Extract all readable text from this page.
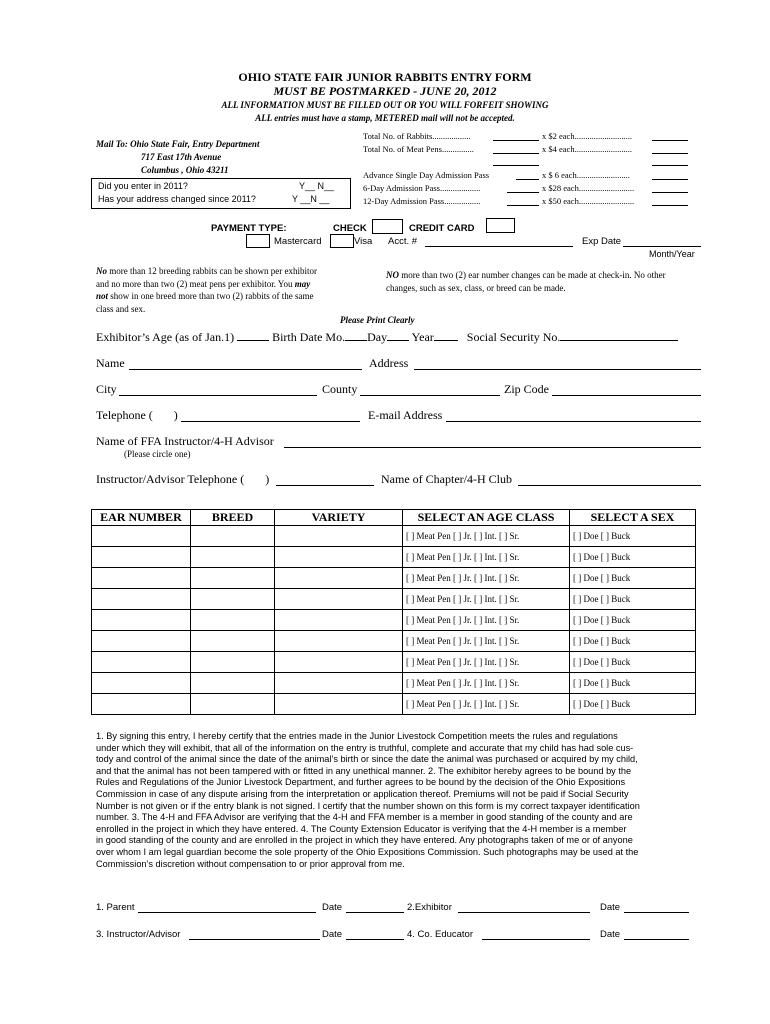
OHIO STATE FAIR JUNIOR RABBITS ENTRY FORM
MUST BE POSTMARKED - JUNE 20, 2012
ALL INFORMATION MUST BE FILLED OUT OR YOU WILL FORFEIT SHOWING
ALL entries must have a stamp, METERED mail will not be accepted.
Mail To: Ohio State Fair, Entry Department
717 East 17th Avenue
Columbus , Ohio 43211
Did you enter in 2011?	Y__ N__
Has your address changed since 2011?	Y __N __
Total No. of Rabbits..................	x $2 each...........................
Total No. of Meat Pens...............	x $4 each...........................
Advance Single Day Admission Pass	x $ 6 each.........................
6-Day Admission Pass...................	x $28 each..........................
12-Day Admission Pass.................	x $50 each..........................
PAYMENT TYPE:	CHECK	CREDIT CARD
Mastercard	Visa Acct. #	Exp Date
Month/Year
No more than 12 breeding rabbits can be shown per exhibitor
and no more than two (2) meat pens per exhibitor. You may
not show in one breed more than two (2) rabbits of the same
class and sex.
NO more than two (2) ear number changes can be made at check-in. No other
changes, such as sex, class, or breed can be made.
Please Print Clearly
Exhibitor’s Age (as of Jan.1)	Birth Date Mo. Day Year	Social Security No.
Name	Address
City	County	Zip Code
Telephone (       )	E-mail Address
Name of FFA Instructor/4-H Advisor
(Please circle one)
Instructor/Advisor Telephone (       )	Name of Chapter/4-H Club
EAR NUMBER	BREED	VARIETY	SELECT AN AGE CLASS	SELECT A SEX
			[ ] Meat Pen [ ] Jr. [ ] Int. [ ] Sr.	[ ] Doe [ ] Buck
			[ ] Meat Pen [ ] Jr. [ ] Int. [ ] Sr.	[ ] Doe [ ] Buck
			[ ] Meat Pen [ ] Jr. [ ] Int. [ ] Sr.	[ ] Doe [ ] Buck
			[ ] Meat Pen [ ] Jr. [ ] Int. [ ] Sr.	[ ] Doe [ ] Buck
			[ ] Meat Pen [ ] Jr. [ ] Int. [ ] Sr.	[ ] Doe [ ] Buck
			[ ] Meat Pen [ ] Jr. [ ] Int. [ ] Sr.	[ ] Doe [ ] Buck
			[ ] Meat Pen [ ] Jr. [ ] Int. [ ] Sr.	[ ] Doe [ ] Buck
			[ ] Meat Pen [ ] Jr. [ ] Int. [ ] Sr.	[ ] Doe [ ] Buck
			[ ] Meat Pen [ ] Jr. [ ] Int. [ ] Sr.	[ ] Doe [ ] Buck
1. By signing this entry, I hereby certify that the entries made in the Junior Livestock Competition meets the rules and regulations
under which they will exhibit, that all of the information on the entry is truthful, complete and accurate that my child has had sole cus-
tody and control of the animal since the date of the animal’s birth or since the date the animal was purchased or acquired by my child,
and that the animal has not been tampered with or fitted in any unethical manner. 2. The exhibitor hereby agrees to be bound by the
Rules and Regulations of the Junior Livestock Department, and further agrees to be bound by the decision of the Ohio Expositions
Commission in case of any dispute arising from the interpretation or application thereof. Premiums will not be paid if Social Security
Number is not given or if the entry blank is not signed. I certify that the number shown on this form is my correct taxpayer identification
number. 3. The 4-H and FFA Advisor are verifying that the 4-H and FFA member is a member in good standing of the county and are
enrolled in the project in which they have entered. 4. The County Extension Educator is verifying that the 4-H member is a member
in good standing of the county and are enrolled in the project in which they have entered. Any photographs taken of me or of anyone
over whom I am legal guardian become the sole property of the Ohio Expositions Commission. Such photographs may be used at the
Commission’s discretion without compensation to or prior approval from me.
1. Parent	Date	2.Exhibitor	Date
3. Instructor/Advisor	Date	4. Co. Educator	Date
